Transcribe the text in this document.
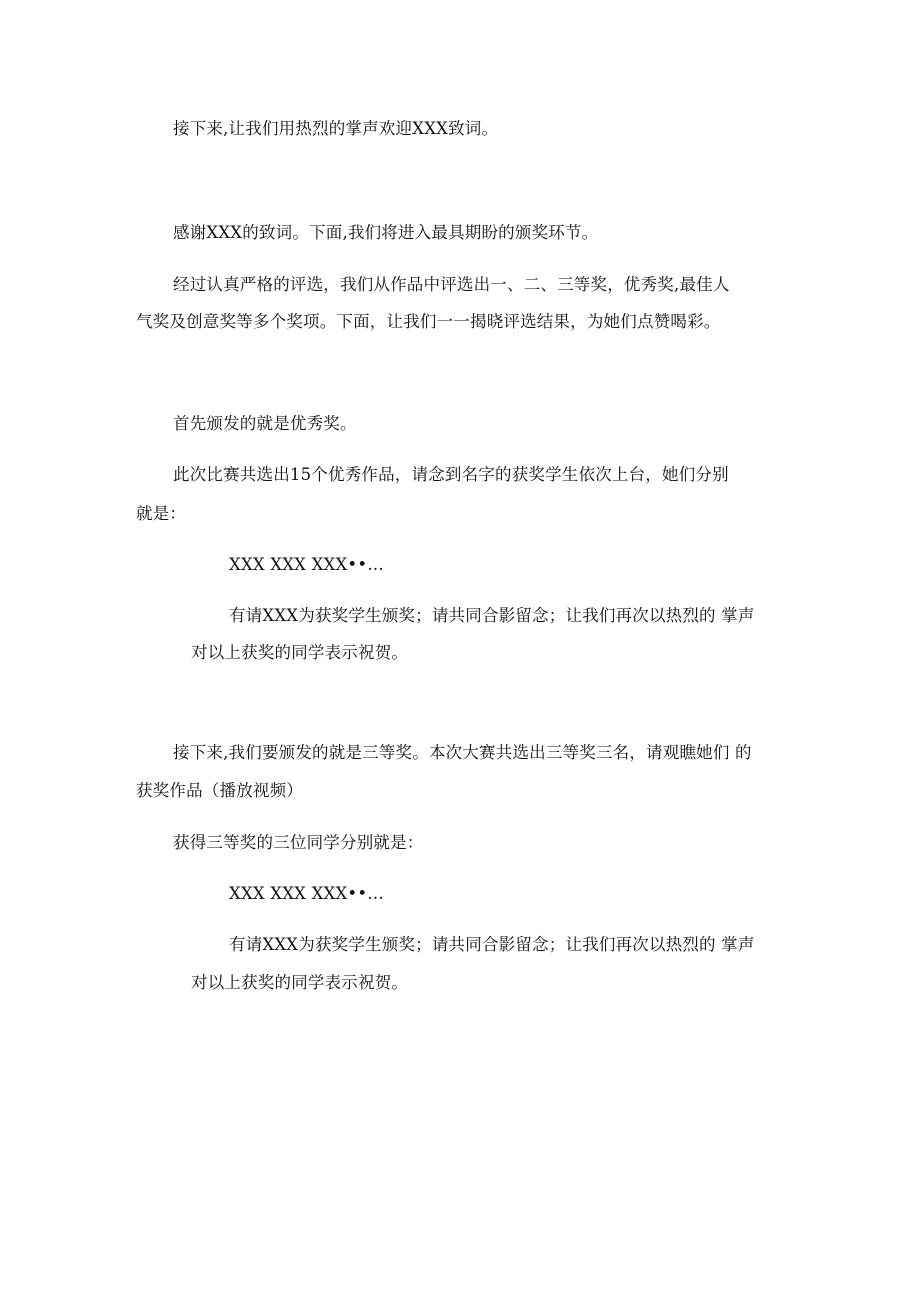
接下来,让我们用热烈的掌声欢迎XXX致词。
感谢XXX的致词。下面,我们将进入最具期盼的颁奖环节。
经过认真严格的评选，我们从作品中评选出一、二、三等奖，优秀奖,最佳人
气奖及创意奖等多个奖项。下面，让我们一一揭晓评选结果，为她们点赞喝彩。
首先颁发的就是优秀奖。
此次比赛共选出15个优秀作品，请念到名字的获奖学生依次上台，她们分别
就是：
XXX XXX XXX••…
有请XXX为获奖学生颁奖；请共同合影留念；让我们再次以热烈的 掌声
对以上获奖的同学表示祝贺。
接下来,我们要颁发的就是三等奖。本次大赛共选出三等奖三名，请观瞧她们 的
获奖作品（播放视频）
获得三等奖的三位同学分别就是：
XXX XXX XXX••…
有请XXX为获奖学生颁奖；请共同合影留念；让我们再次以热烈的 掌声
对以上获奖的同学表示祝贺。
